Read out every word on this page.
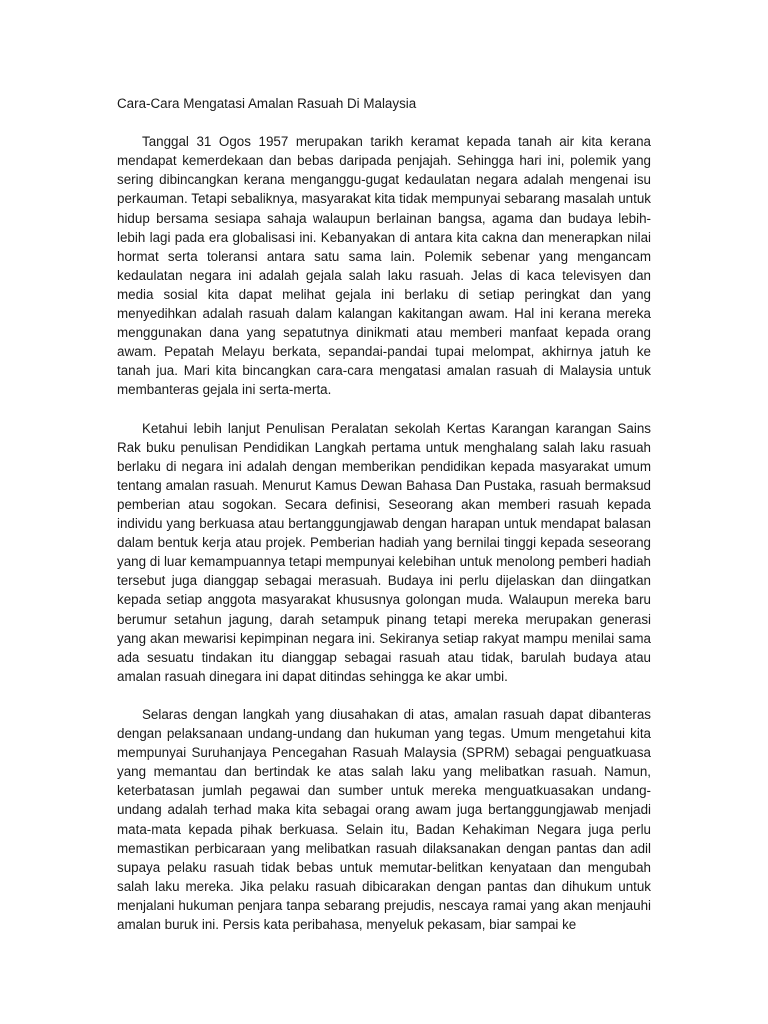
Cara-Cara Mengatasi Amalan Rasuah Di Malaysia

Tanggal 31 Ogos 1957 merupakan tarikh keramat kepada tanah air kita kerana mendapat kemerdekaan dan bebas daripada penjajah. Sehingga hari ini, polemik yang sering dibincangkan kerana menganggu-gugat kedaulatan negara adalah mengenai isu perkauman. Tetapi sebaliknya, masyarakat kita tidak mempunyai sebarang masalah untuk hidup bersama sesiapa sahaja walaupun berlainan bangsa, agama dan budaya lebih-lebih lagi pada era globalisasi ini. Kebanyakan di antara kita cakna dan menerapkan nilai hormat serta toleransi antara satu sama lain. Polemik sebenar yang mengancam kedaulatan negara ini adalah gejala salah laku rasuah. Jelas di kaca televisyen dan media sosial kita dapat melihat gejala ini berlaku di setiap peringkat dan yang menyedihkan adalah rasuah dalam kalangan kakitangan awam. Hal ini kerana mereka menggunakan dana yang sepatutnya dinikmati atau memberi manfaat kepada orang awam. Pepatah Melayu berkata, sepandai-pandai tupai melompat, akhirnya jatuh ke tanah jua. Mari kita bincangkan cara-cara mengatasi amalan rasuah di Malaysia untuk membanteras gejala ini serta-merta.

Ketahui lebih lanjut Penulisan Peralatan sekolah Kertas Karangan karangan Sains Rak buku penulisan Pendidikan Langkah pertama untuk menghalang salah laku rasuah berlaku di negara ini adalah dengan memberikan pendidikan kepada masyarakat umum tentang amalan rasuah. Menurut Kamus Dewan Bahasa Dan Pustaka, rasuah bermaksud pemberian atau sogokan. Secara definisi, Seseorang akan memberi rasuah kepada individu yang berkuasa atau bertanggungjawab dengan harapan untuk mendapat balasan dalam bentuk kerja atau projek. Pemberian hadiah yang bernilai tinggi kepada seseorang yang di luar kemampuannya tetapi mempunyai kelebihan untuk menolong pemberi hadiah tersebut juga dianggap sebagai merasuah. Budaya ini perlu dijelaskan dan diingatkan kepada setiap anggota masyarakat khususnya golongan muda. Walaupun mereka baru berumur setahun jagung, darah setampuk pinang tetapi mereka merupakan generasi yang akan mewarisi kepimpinan negara ini. Sekiranya setiap rakyat mampu menilai sama ada sesuatu tindakan itu dianggap sebagai rasuah atau tidak, barulah budaya atau amalan rasuah dinegara ini dapat ditindas sehingga ke akar umbi.

Selaras dengan langkah yang diusahakan di atas, amalan rasuah dapat dibanteras dengan pelaksanaan undang-undang dan hukuman yang tegas. Umum mengetahui kita mempunyai Suruhanjaya Pencegahan Rasuah Malaysia (SPRM) sebagai penguatkuasa yang memantau dan bertindak ke atas salah laku yang melibatkan rasuah. Namun, keterbatasan jumlah pegawai dan sumber untuk mereka menguatkuasakan undang-undang adalah terhad maka kita sebagai orang awam juga bertanggungjawab menjadi mata-mata kepada pihak berkuasa. Selain itu, Badan Kehakiman Negara juga perlu memastikan perbicaraan yang melibatkan rasuah dilaksanakan dengan pantas dan adil supaya pelaku rasuah tidak bebas untuk memutar-belitkan kenyataan dan mengubah salah laku mereka. Jika pelaku rasuah dibicarakan dengan pantas dan dihukum untuk menjalani hukuman penjara tanpa sebarang prejudis, nescaya ramai yang akan menjauhi amalan buruk ini. Persis kata peribahasa, menyeluk pekasam, biar sampai ke
